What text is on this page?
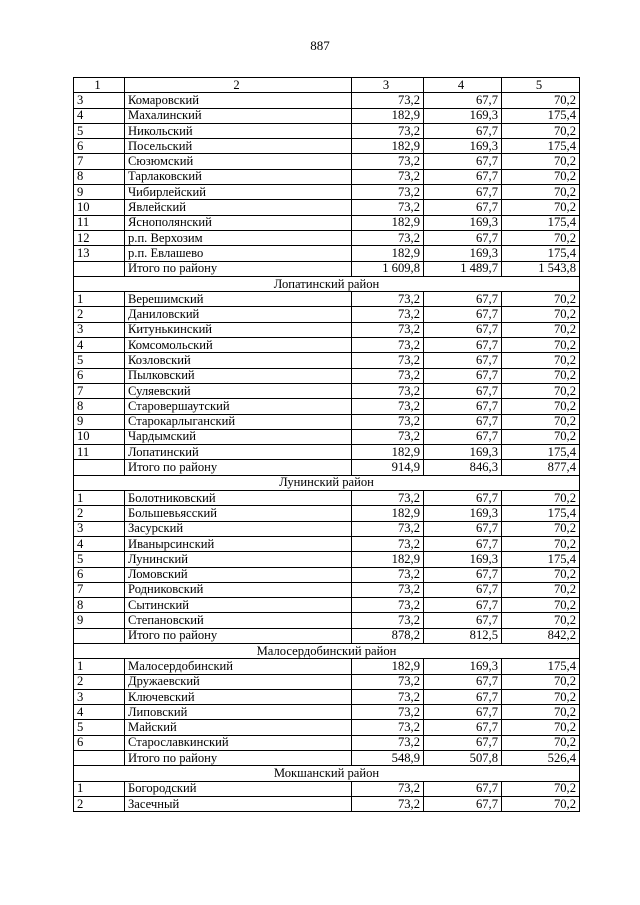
887
1	2	3	4	5
3	Комаровский	73,2	67,7	70,2
4	Махалинский	182,9	169,3	175,4
5	Никольский	73,2	67,7	70,2
6	Посельский	182,9	169,3	175,4
7	Сюзюмский	73,2	67,7	70,2
8	Тарлаковский	73,2	67,7	70,2
9	Чибирлейский	73,2	67,7	70,2
10	Явлейский	73,2	67,7	70,2
11	Яснополянский	182,9	169,3	175,4
12	р.п. Верхозим	73,2	67,7	70,2
13	р.п. Евлашево	182,9	169,3	175,4
	Итого по району	1 609,8	1 489,7	1 543,8
Лопатинский район				
1	Верешимский	73,2	67,7	70,2
2	Даниловский	73,2	67,7	70,2
3	Китунькинский	73,2	67,7	70,2
4	Комсомольский	73,2	67,7	70,2
5	Козловский	73,2	67,7	70,2
6	Пылковский	73,2	67,7	70,2
7	Суляевский	73,2	67,7	70,2
8	Старовершаутский	73,2	67,7	70,2
9	Старокарлыганский	73,2	67,7	70,2
10	Чардымский	73,2	67,7	70,2
11	Лопатинский	182,9	169,3	175,4
	Итого по району	914,9	846,3	877,4
Лунинский район				
1	Болотниковский	73,2	67,7	70,2
2	Большевьясский	182,9	169,3	175,4
3	Засурский	73,2	67,7	70,2
4	Иванырсинский	73,2	67,7	70,2
5	Лунинский	182,9	169,3	175,4
6	Ломовский	73,2	67,7	70,2
7	Родниковский	73,2	67,7	70,2
8	Сытинский	73,2	67,7	70,2
9	Степановский	73,2	67,7	70,2
	Итого по району	878,2	812,5	842,2
Малосердобинский район				
1	Малосердобинский	182,9	169,3	175,4
2	Дружаевский	73,2	67,7	70,2
3	Ключевский	73,2	67,7	70,2
4	Липовский	73,2	67,7	70,2
5	Майский	73,2	67,7	70,2
6	Старославкинский	73,2	67,7	70,2
	Итого по району	548,9	507,8	526,4
Мокшанский район				
1	Богородский	73,2	67,7	70,2
2	Засечный	73,2	67,7	70,2
